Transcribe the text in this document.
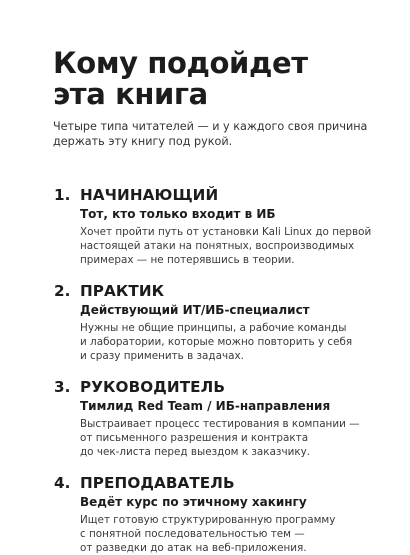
Кому подойдет
эта книга

Четыре типа читателей — и у каждого своя причина
держать эту книгу под рукой.

1. НАЧИНАЮЩИЙ
Тот, кто только входит в ИБ
Хочет пройти путь от установки Kali Linux до первой
настоящей атаки на понятных, воспроизводимых
примерах — не потерявшись в теории.
2. ПРАКТИК
Действующий ИТ/ИБ-специалист
Нужны не общие принципы, а рабочие команды
и лаборатории, которые можно повторить у себя
и сразу применить в задачах.
3. РУКОВОДИТЕЛЬ
Тимлид Red Team / ИБ-направления
Выстраивает процесс тестирования в компании —
от письменного разрешения и контракта
до чек-листа перед выездом к заказчику.
4. ПРЕПОДАВАТЕЛЬ
Ведёт курс по этичному хакингу
Ищет готовую структурированную программу
с понятной последовательностью тем —
от разведки до атак на веб-приложения.
